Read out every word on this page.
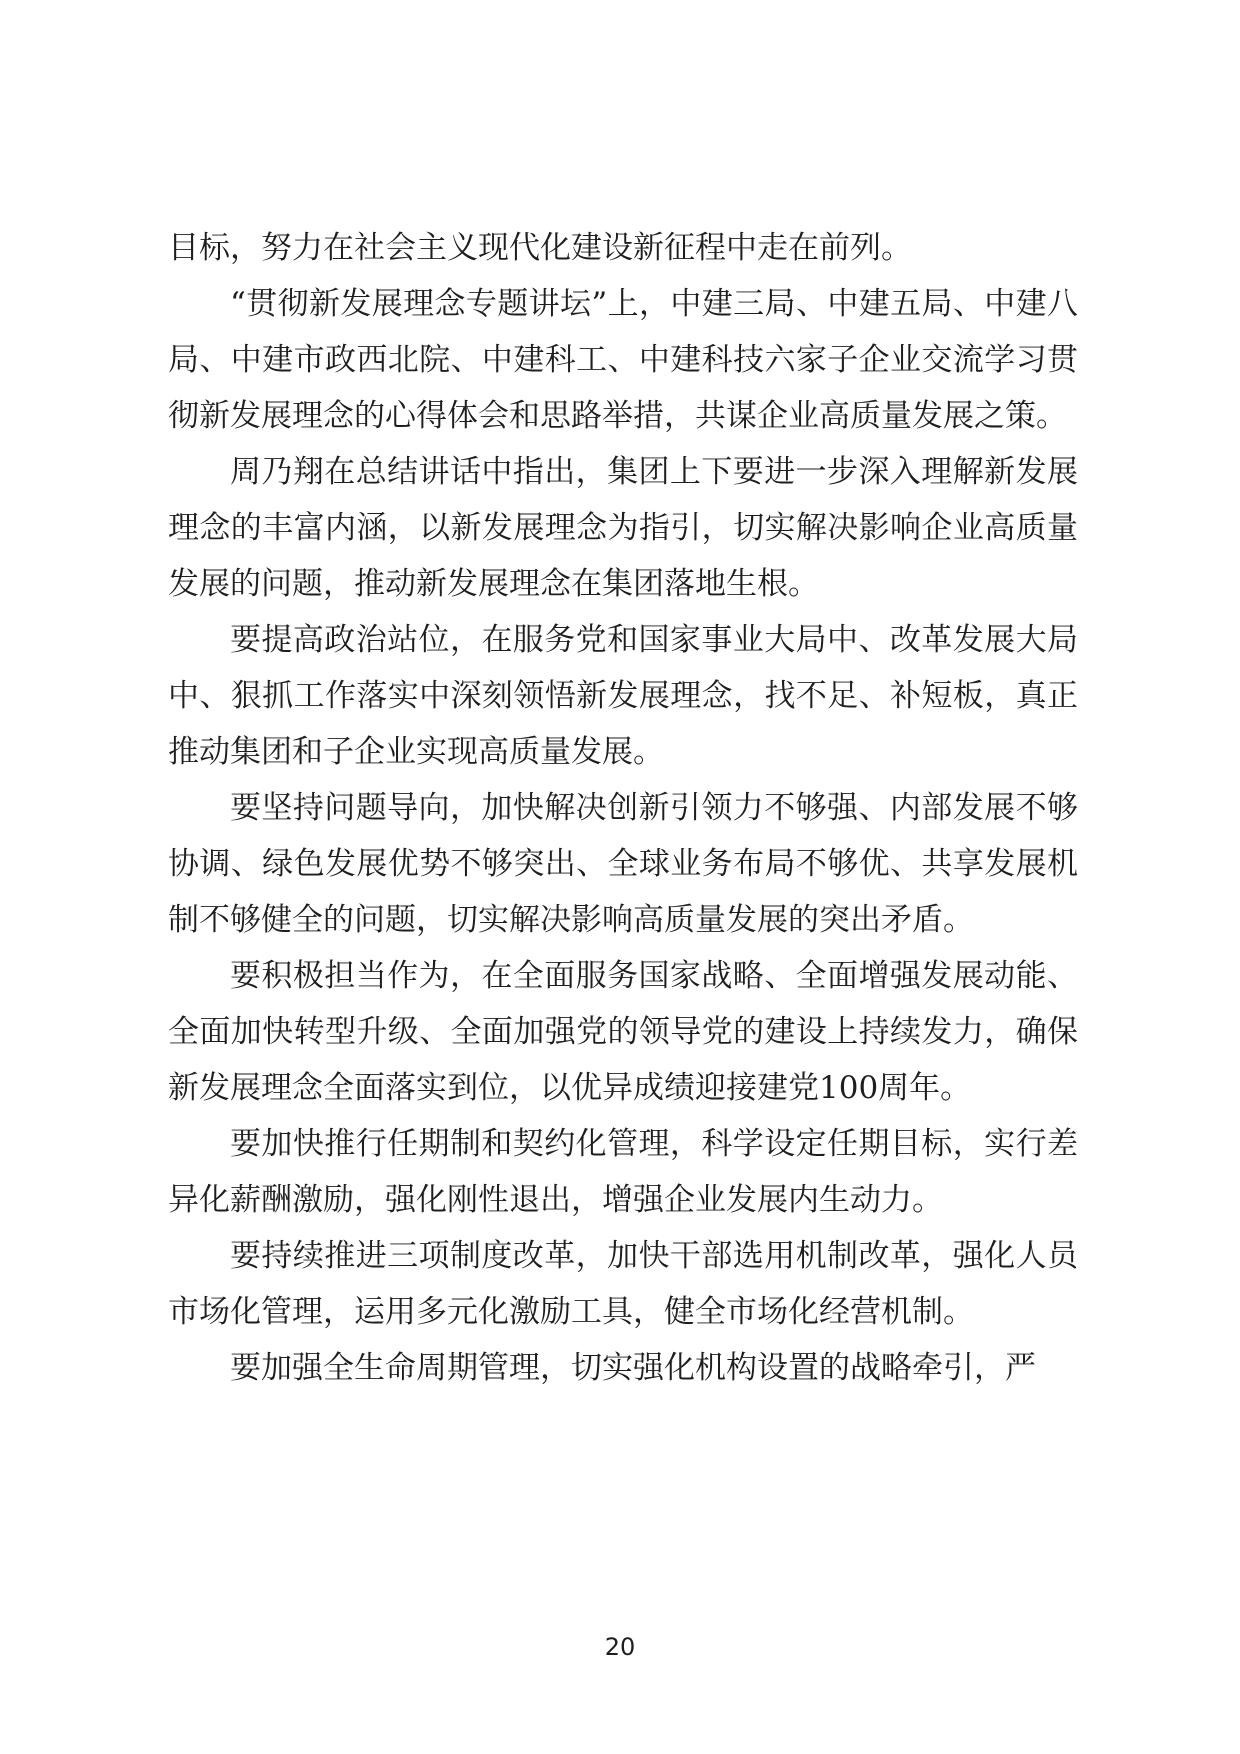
目标，努力在社会主义现代化建设新征程中走在前列。

“贯彻新发展理念专题讲坛”上，中建三局、中建五局、中建八局、中建市政西北院、中建科工、中建科技六家子企业交流学习贯彻新发展理念的心得体会和思路举措，共谋企业高质量发展之策。

周乃翔在总结讲话中指出，集团上下要进一步深入理解新发展理念的丰富内涵，以新发展理念为指引，切实解决影响企业高质量发展的问题，推动新发展理念在集团落地生根。

要提高政治站位，在服务党和国家事业大局中、改革发展大局中、狠抓工作落实中深刻领悟新发展理念，找不足、补短板，真正推动集团和子企业实现高质量发展。

要坚持问题导向，加快解决创新引领力不够强、内部发展不够协调、绿色发展优势不够突出、全球业务布局不够优、共享发展机制不够健全的问题，切实解决影响高质量发展的突出矛盾。

要积极担当作为，在全面服务国家战略、全面增强发展动能、全面加快转型升级、全面加强党的领导党的建设上持续发力，确保新发展理念全面落实到位，以优异成绩迎接建党100周年。

要加快推行任期制和契约化管理，科学设定任期目标，实行差异化薪酬激励，强化刚性退出，增强企业发展内生动力。

要持续推进三项制度改革，加快干部选用机制改革，强化人员市场化管理，运用多元化激励工具，健全市场化经营机制。

要加强全生命周期管理，切实强化机构设置的战略牵引，严

20
